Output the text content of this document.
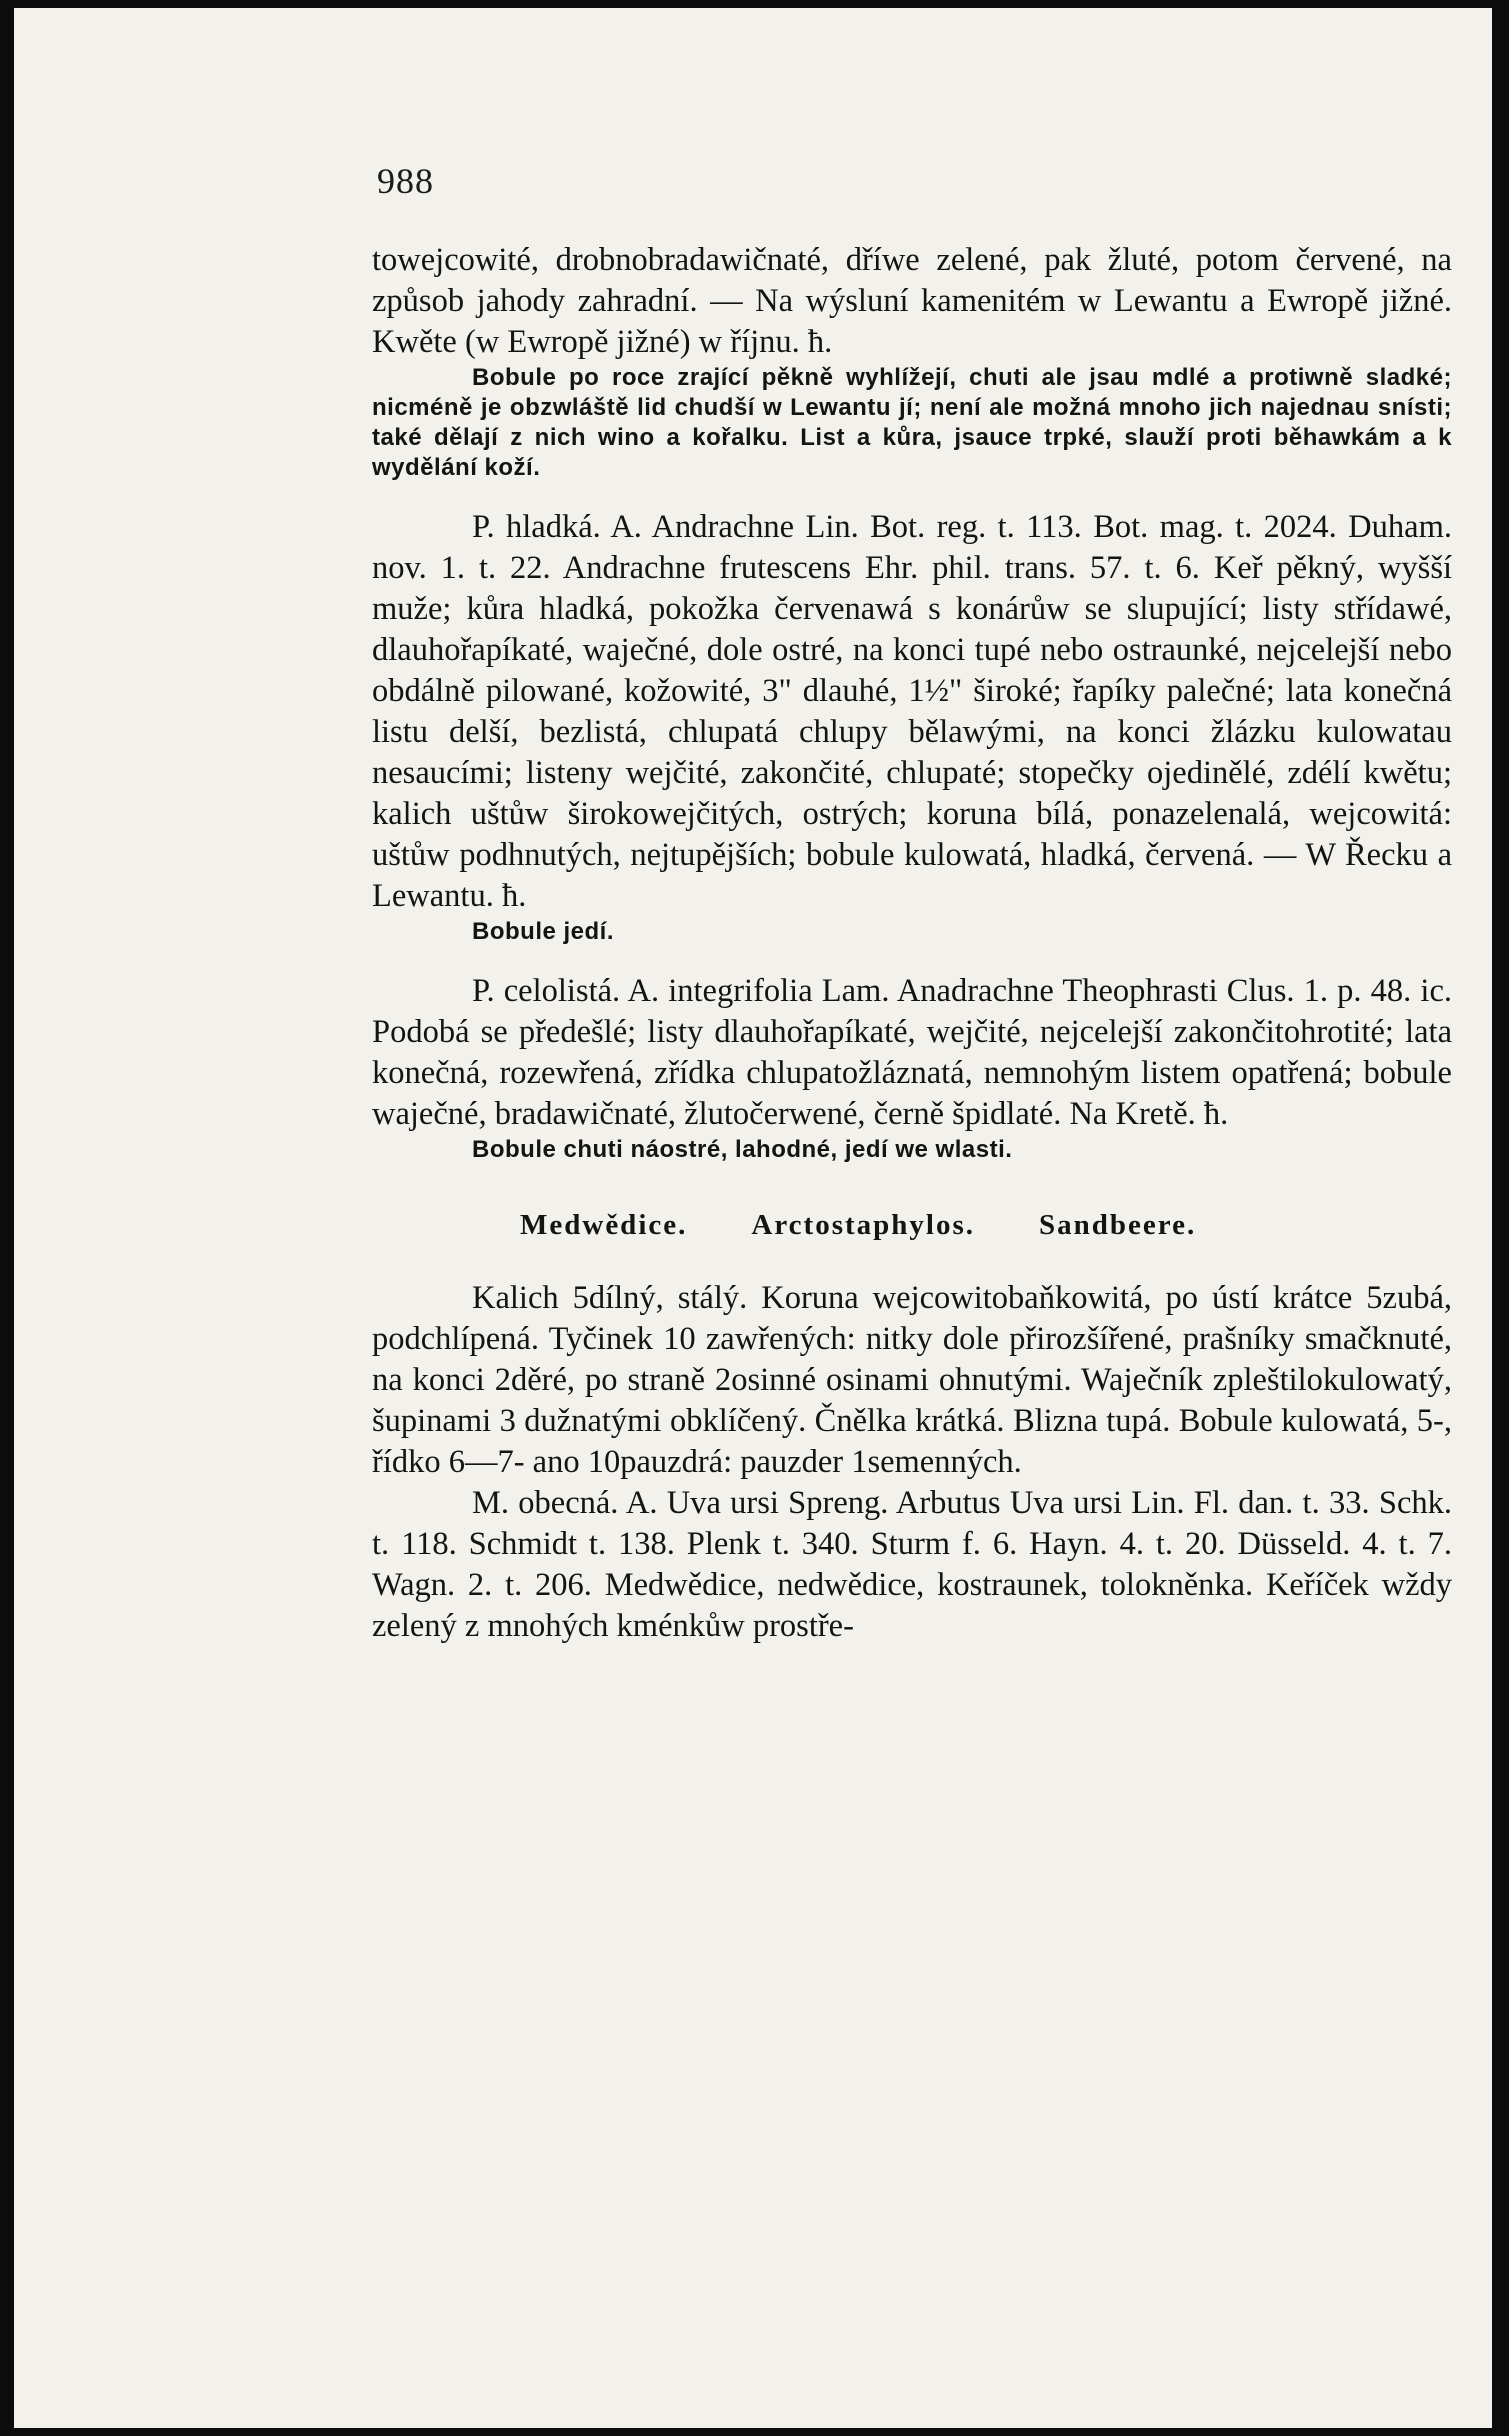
988

towejcowité, drobnobradawičnaté, dříwe zelené, pak žluté, potom červené, na způsob jahody zahradní. — Na wýsluní kamenitém w Lewantu a Ewropě jižné. Kwěte (w Ewropě jižné) w říjnu. ħ.

Bobule po roce zrající pěkně wyhlížejí, chuti ale jsau mdlé a protiwně sladké; nicméně je obzwláště lid chudší w Lewantu jí; není ale možná mnoho jich najednau snísti; také dělají z nich wino a kořalku. List a kůra, jsauce trpké, slauží proti běhawkám a k wydělání koží.

P. hladká. A. Andrachne Lin. Bot. reg. t. 113. Bot. mag. t. 2024. Duham. nov. 1. t. 22. Andrachne frutescens Ehr. phil. trans. 57. t. 6. Keř pěkný, wyšší muže; kůra hladká, pokožka červenawá s konárůw se slupující; listy střídawé, dlauhořapíkaté, waječné, dole ostré, na konci tupé nebo ostraunké, nejcelejší nebo obdálně pilowané, kožowité, 3" dlauhé, 1½" široké; řapíky palečné; lata konečná listu delší, bezlistá, chlupatá chlupy bělawými, na konci žlázku kulowatau nesaucími; listeny wejčité, zakončité, chlupaté; stopečky ojedinělé, zdélí kwětu; kalich uštůw širokowejčitých, ostrých; koruna bílá, ponazelenalá, wejcowitá: uštůw podhnutých, nejtupějších; bobule kulowatá, hladká, červená. — W Řecku a Lewantu. ħ.

Bobule jedí.

P. celolistá. A. integrifolia Lam. Anadrachne Theophrasti Clus. 1. p. 48. ic. Podobá se předešlé; listy dlauhořapíkaté, wejčité, nejcelejší zakončitohrotité; lata konečná, rozewřená, zřídka chlupatožláznatá, nemnohým listem opatřená; bobule waječné, bradawičnaté, žlutočerwené, černě špidlaté. Na Kretě. ħ.

Bobule chuti náostré, lahodné, jedí we wlasti.

Medwědice. Arctostaphylos. Sandbeere.

Kalich 5dílný, stálý. Koruna wejcowitobaňkowitá, po ústí krátce 5zubá, podchlípená. Tyčinek 10 zawřených: nitky dole přirozšířené, prašníky smačknuté, na konci 2děré, po straně 2osinné osinami ohnutými. Waječník zpleštilokulowatý, šupinami 3 dužnatými obklíčený. Čnělka krátká. Blizna tupá. Bobule kulowatá, 5-, řídko 6—7- ano 10pauzdrá: pauzder 1semenných.

M. obecná. A. Uva ursi Spreng. Arbutus Uva ursi Lin. Fl. dan. t. 33. Schk. t. 118. Schmidt t. 138. Plenk t. 340. Sturm f. 6. Hayn. 4. t. 20. Düsseld. 4. t. 7. Wagn. 2. t. 206. Medwědice, nedwědice, kostraunek, tolokněnka. Keříček wždy zelený z mnohých kménkůw prostře-
